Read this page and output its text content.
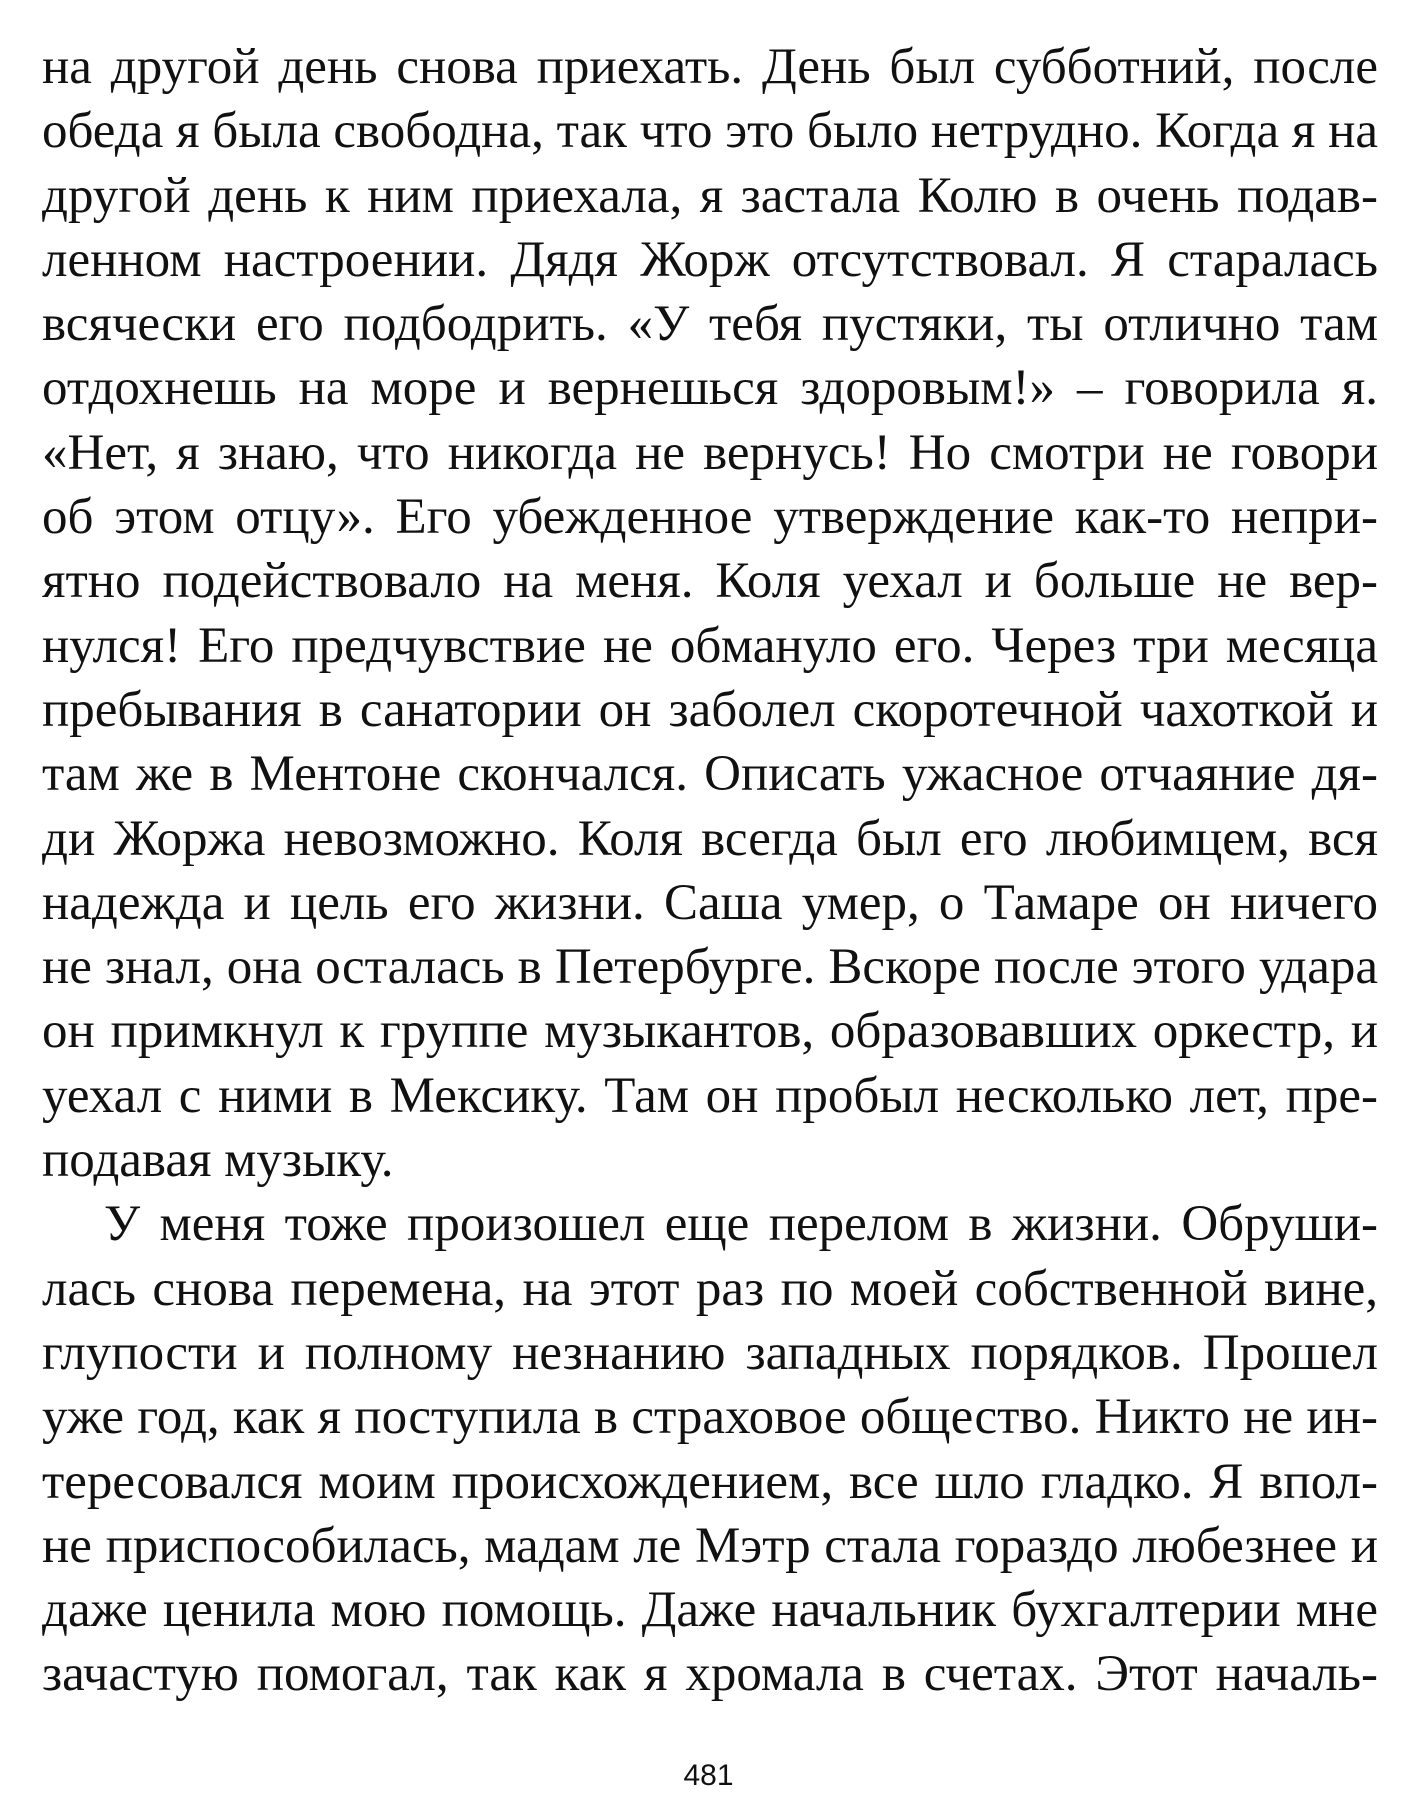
на другой день снова приехать. День был субботний, после
обеда я была свободна, так что это было нетрудно. Когда я на
другой день к ним приехала, я застала Колю в очень подав-
ленном настроении. Дядя Жорж отсутствовал. Я старалась
всячески его подбодрить. «У тебя пустяки, ты отлично там
отдохнешь на море и вернешься здоровым!» – говорила я.
«Нет, я знаю, что никогда не вернусь! Но смотри не говори
об этом отцу». Его убежденное утверждение как-то непри-
ятно подействовало на меня. Коля уехал и больше не вер-
нулся! Его предчувствие не обмануло его. Через три месяца
пребывания в санатории он заболел скоротечной чахоткой и
там же в Ментоне скончался. Описать ужасное отчаяние дя-
ди Жоржа невозможно. Коля всегда был его любимцем, вся
надежда и цель его жизни. Саша умер, о Тамаре он ничего
не знал, она осталась в Петербурге. Вскоре после этого удара
он примкнул к группе музыкантов, образовавших оркестр, и
уехал с ними в Мексику. Там он пробыл несколько лет, пре-
подавая музыку.
У меня тоже произошел еще перелом в жизни. Обруши-
лась снова перемена, на этот раз по моей собственной вине,
глупости и полному незнанию западных порядков. Прошел
уже год, как я поступила в страховое общество. Никто не ин-
тересовался моим происхождением, все шло гладко. Я впол-
не приспособилась, мадам ле Мэтр стала гораздо любезнее и
даже ценила мою помощь. Даже начальник бухгалтерии мне
зачастую помогал, так как я хромала в счетах. Этот началь-
481
